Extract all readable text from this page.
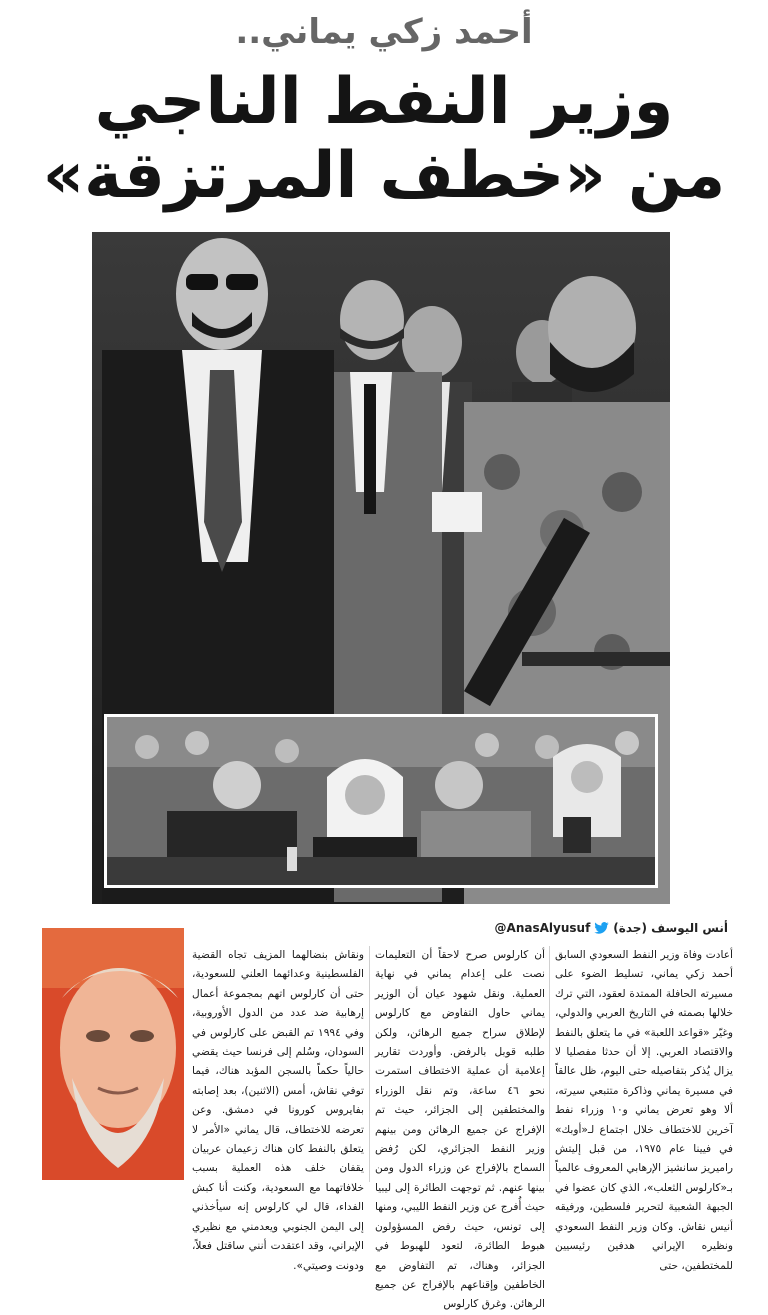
أحمد زكي يماني..
وزير النفط الناجي
من «خطف المرتزقة»
أنس اليوسف (جدة)
@AnasAlyusuf
أعادت وفاة وزير النفط السعودي السابق أحمد زكي يماني، تسليط الضوء على مسيرته الحافلة الممتدة لعقود، التي ترك خلالها بصمته في التاريخ العربي والدولي، وغيّر «قواعد اللعبة» في ما يتعلق بالنفط والاقتصاد العربي. إلا أن حدثا مفصليا لا يزال يُذكر بتفاصيله حتى اليوم، ظل عالقاً في مسيرة يماني وذاكرة متتبعي سيرته، ألا وهو تعرض يماني و١٠ وزراء نفط آخرين للاختطاف خلال اجتماع لـ«أوبك» في فيينا عام ١٩٧٥، من قبل إليتش راميريز سانشيز الإرهابي المعروف عالمياً بـ«كارلوس الثعلب»، الذي كان عضوا في الجبهة الشعبية لتحرير فلسطين، ورفيقه أنيس نقاش. وكان وزير النفط السعودي ونظيره الإيراني هدفين رئيسيين للمختطفين، حتى
أن كارلوس صرح لاحقاً أن التعليمات نصت على إعدام يماني في نهاية العملية. ونقل شهود عيان أن الوزير يماني حاول التفاوض مع كارلوس لإطلاق سراح جميع الرهائن، ولكن طلبه قوبل بالرفض. وأوردت تقارير إعلامية أن عملية الاختطاف استمرت نحو ٤٦ ساعة، وتم نقل الوزراء والمختطفين إلى الجزائر، حيث تم الإفراج عن جميع الرهائن ومن بينهم وزير النفط الجزائري، لكن رُفض السماح بالإفراج عن وزراء الدول ومن بينها عنهم. ثم توجهت الطائرة إلى ليبيا حيث أُفرج عن وزير النفط الليبي، ومنها إلى تونس، حيث رفض المسؤولون هبوط الطائرة، لتعود للهبوط في الجزائر، وهناك، تم التفاوض مع الخاطفين وإقناعهم بالإفراج عن جميع الرهائن. وغرق كارلوس
ونقاش بنضالهما المزيف تجاه القضية الفلسطينية وعدائهما العلني للسعودية، حتى أن كارلوس اتهم بمجموعة أعمال إرهابية ضد عدد من الدول الأوروبية، وفي ١٩٩٤ تم القبض على كارلوس في السودان، وسُلم إلى فرنسا حيث يقضي حالياً حكماً بالسجن المؤبد هناك، فيما توفي نقاش، أمس (الاثنين)، بعد إصابته بفايروس كورونا في دمشق. وعن تعرضه للاختطاف، قال يماني «الأمر لا يتعلق بالنفط كان هناك زعيمان عربيان يقفان خلف هذه العملية بسبب خلافاتهما مع السعودية، وكنت أنا كبش الفداء، قال لي كارلوس إنه سيأخذني إلى اليمن الجنوبي ويعدمني مع نظيري الإيراني، وقد اعتقدت أنني ساقتل فعلاً، ودونت وصيتي».
